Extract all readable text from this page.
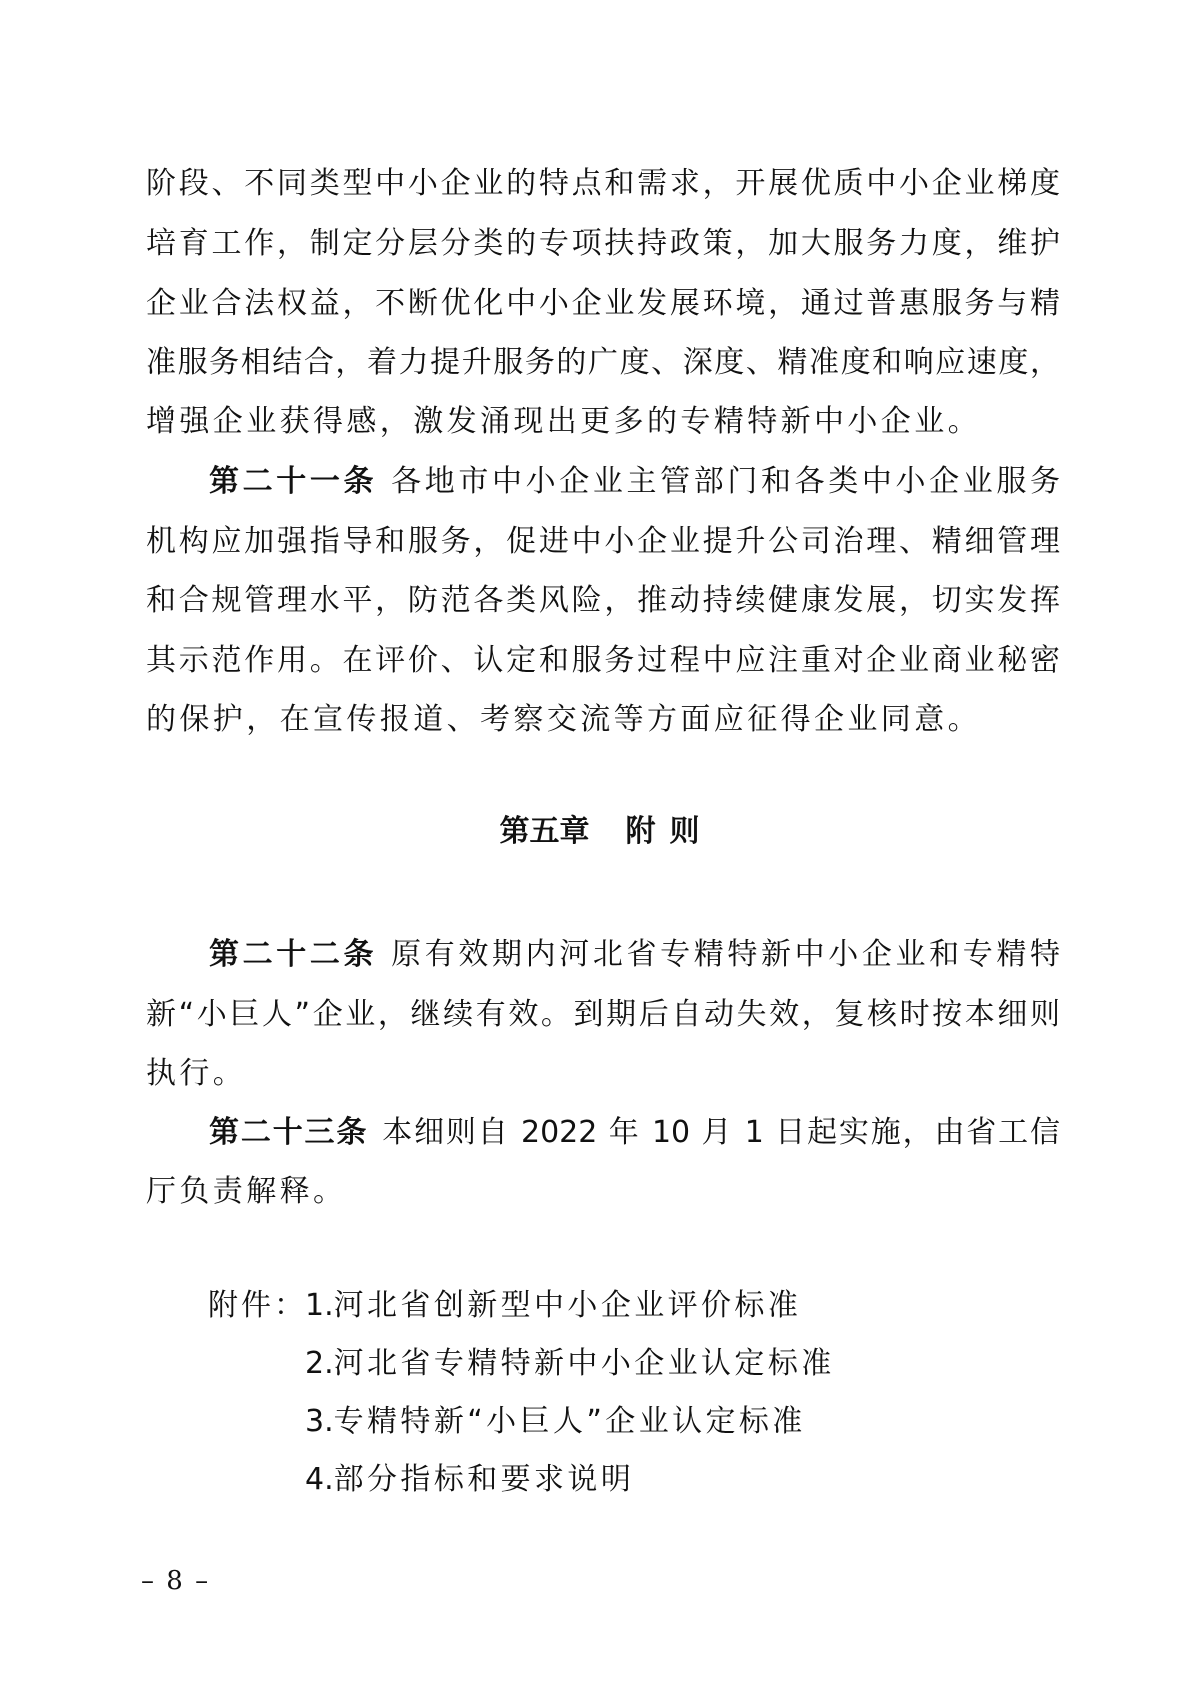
阶段、不同类型中小企业的特点和需求，开展优质中小企业梯度
培育工作，制定分层分类的专项扶持政策，加大服务力度，维护
企业合法权益，不断优化中小企业发展环境，通过普惠服务与精
准服务相结合，着力提升服务的广度、深度、精准度和响应速度，
增强企业获得感，激发涌现出更多的专精特新中小企业。
第二十一条 各地市中小企业主管部门和各类中小企业服务
机构应加强指导和服务，促进中小企业提升公司治理、精细管理
和合规管理水平，防范各类风险，推动持续健康发展，切实发挥
其示范作用。在评价、认定和服务过程中应注重对企业商业秘密
的保护，在宣传报道、考察交流等方面应征得企业同意。
第五章 附 则
第二十二条 原有效期内河北省专精特新中小企业和专精特
新“小巨人”企业，继续有效。到期后自动失效，复核时按本细则
执行。
第二十三条 本细则自 2022 年 10 月 1 日起实施，由省工信
厅负责解释。
附件：
1.河北省创新型中小企业评价标准
2.河北省专精特新中小企业认定标准
3.专精特新“小巨人”企业认定标准
4.部分指标和要求说明
– 8 –
